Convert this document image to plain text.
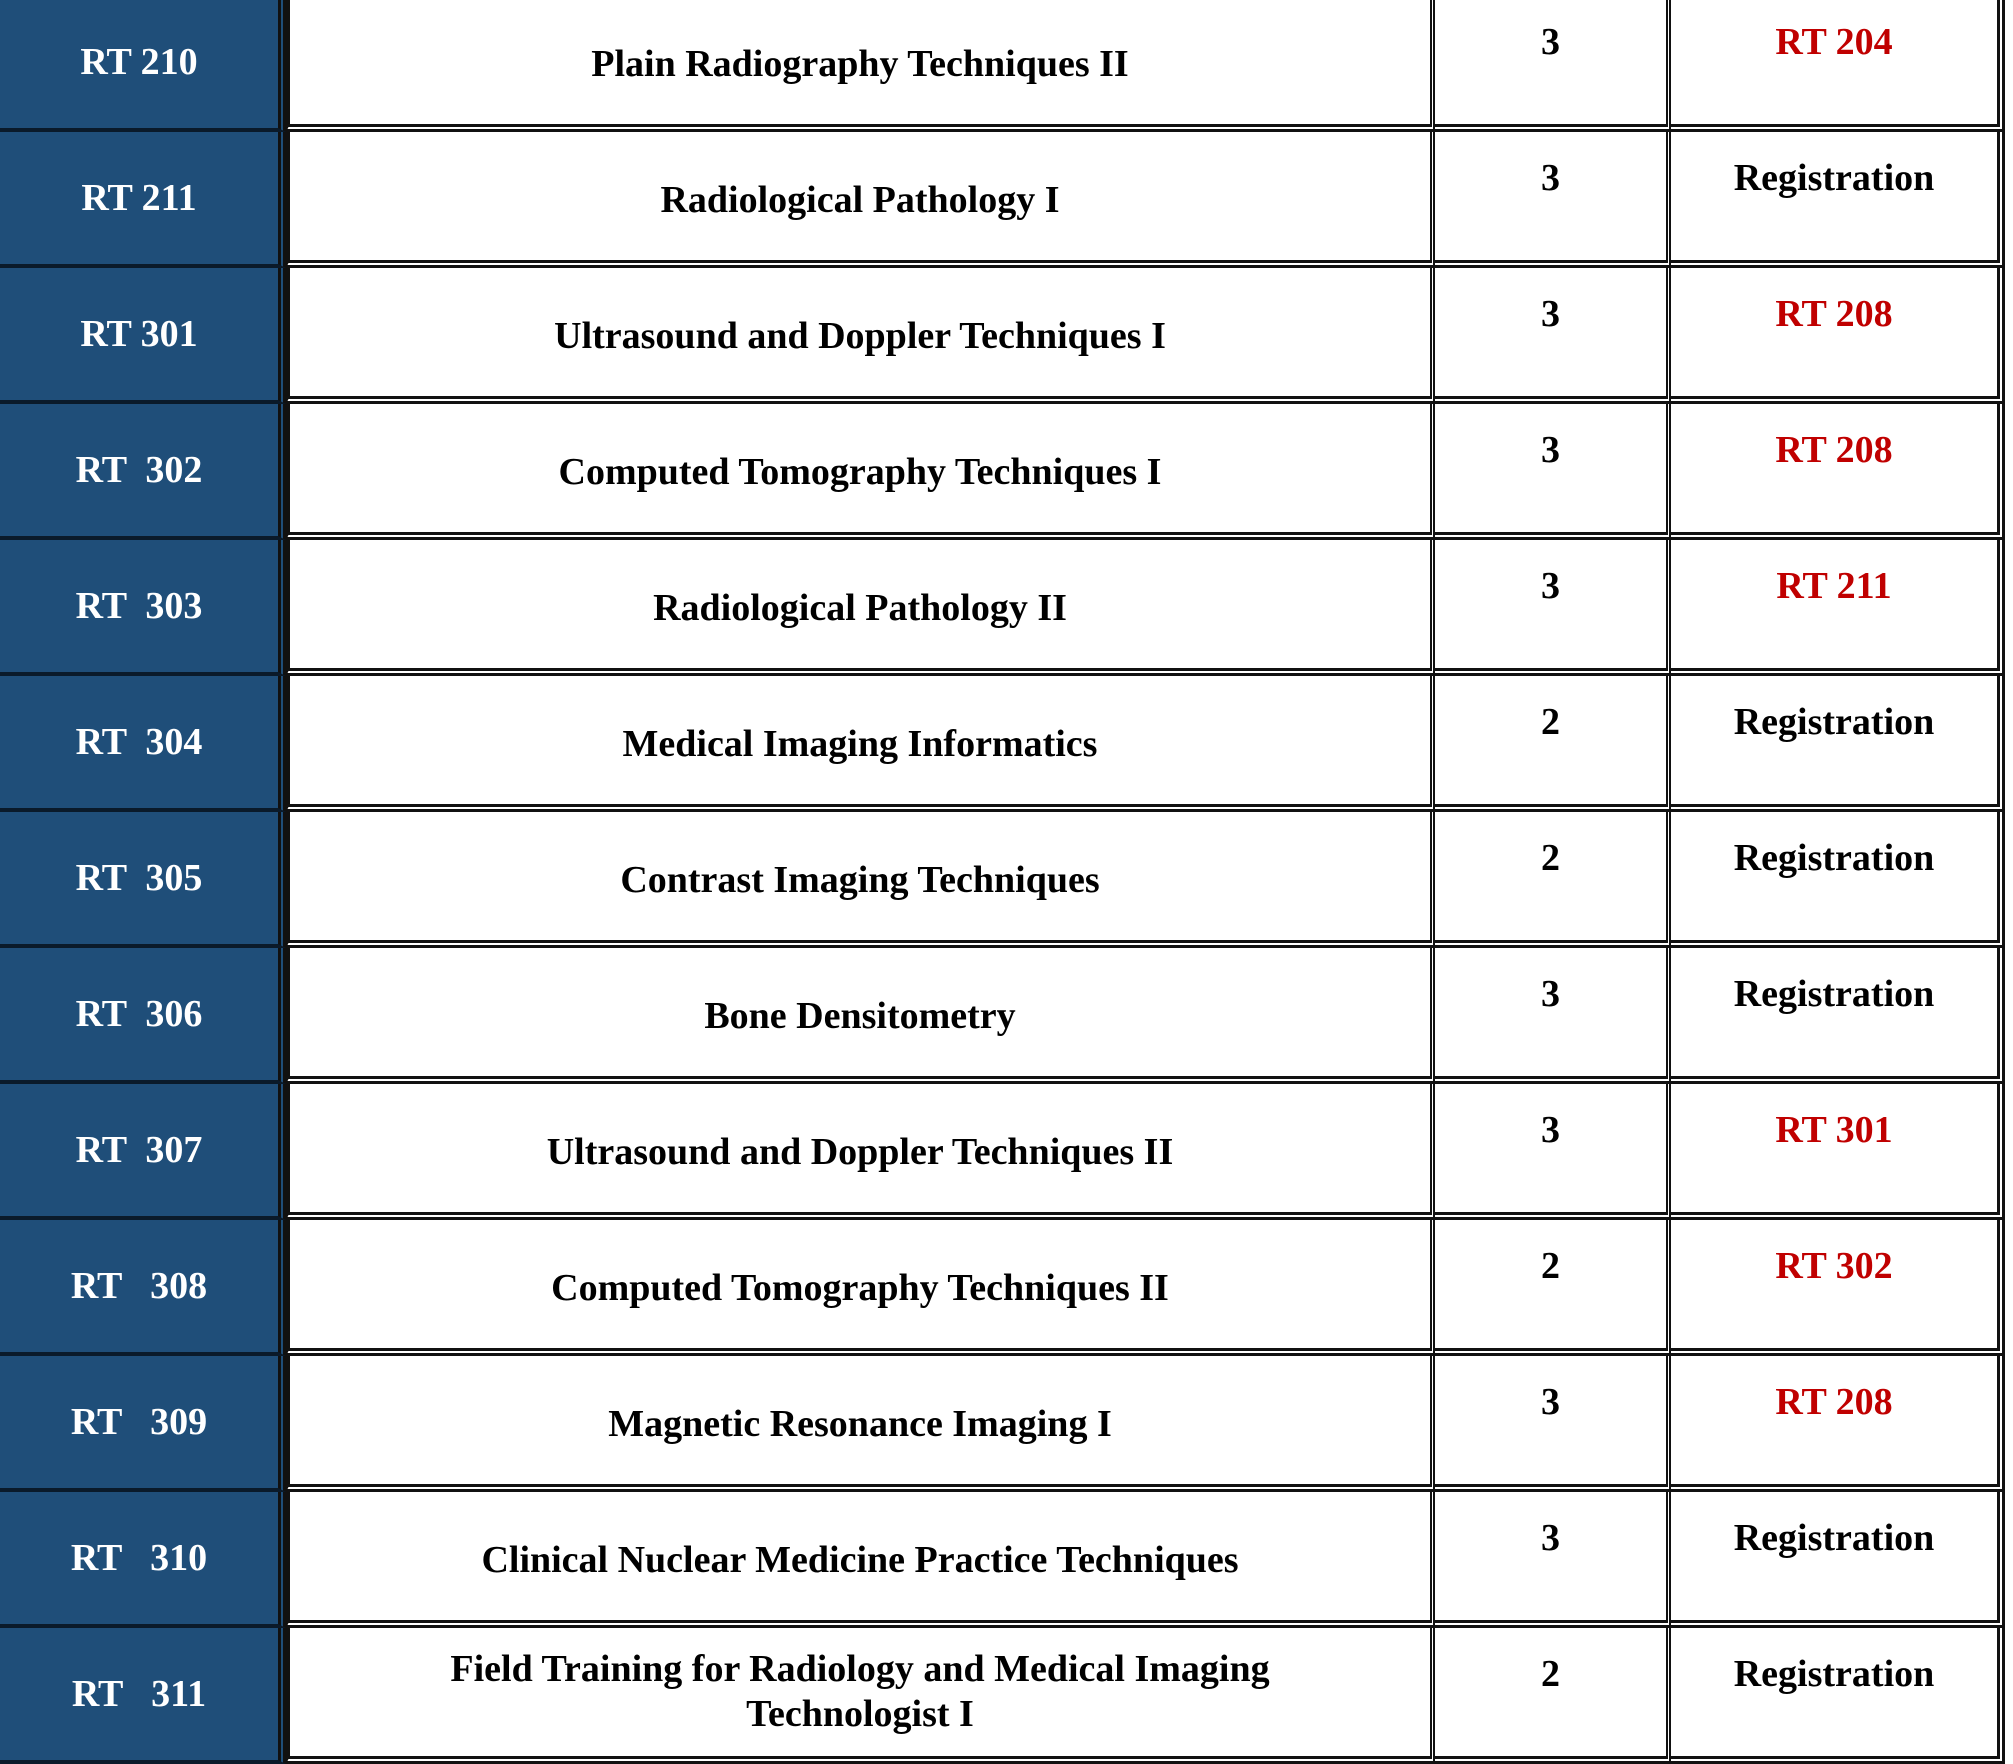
RT 210	Plain Radiography Techniques II	3	RT 204
RT 211	Radiological Pathology I	3	Registration
RT 301	Ultrasound and Doppler Techniques I	3	RT 208
RT  302	Computed Tomography Techniques I	3	RT 208
RT  303	Radiological Pathology II	3	RT 211
RT  304	Medical Imaging Informatics	2	Registration
RT  305	Contrast Imaging Techniques	2	Registration
RT  306	Bone Densitometry	3	Registration
RT  307	Ultrasound and Doppler Techniques II	3	RT 301
RT   308	Computed Tomography Techniques II	2	RT 302
RT   309	Magnetic Resonance Imaging I	3	RT 208
RT   310	Clinical Nuclear Medicine Practice Techniques	3	Registration
RT   311	Field Training for Radiology and Medical Imaging Technologist I	2	Registration
